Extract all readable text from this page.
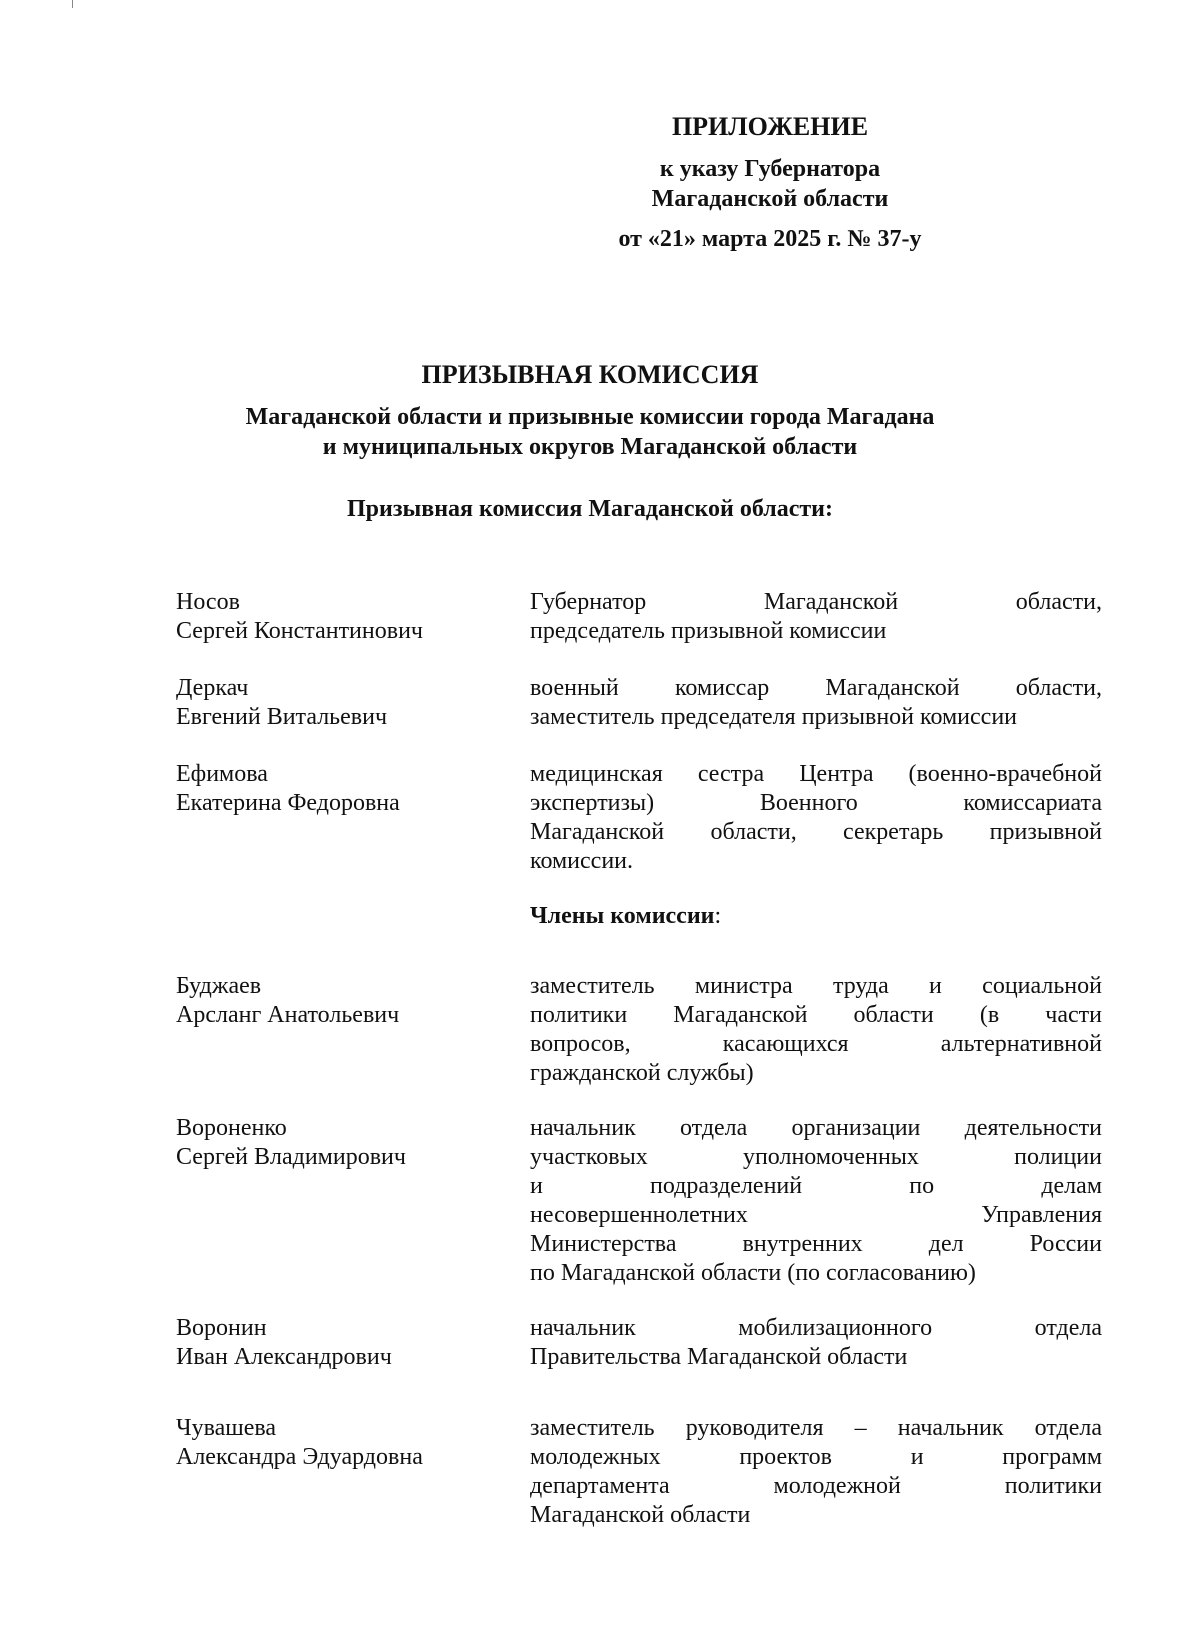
ПРИЛОЖЕНИЕ
к указу Губернатора
Магаданской области
от «21» марта 2025 г. № 37-у
ПРИЗЫВНАЯ КОМИССИЯ
Магаданской области и призывные комиссии города Магадана
и муниципальных округов Магаданской области
Призывная комиссия Магаданской области:
Носов
Сергей Константинович
Губернатор Магаданской области,
председатель призывной комиссии
Деркач
Евгений Витальевич
военный комиссар Магаданской области,
заместитель председателя призывной комиссии
Ефимова
Екатерина Федоровна
медицинская сестра Центра (военно-врачебной
экспертизы) Военного комиссариата
Магаданской области, секретарь призывной
комиссии.
Члены комиссии:
Буджаев
Арсланг Анатольевич
заместитель министра труда и социальной
политики Магаданской области (в части
вопросов, касающихся альтернативной
гражданской службы)
Вороненко
Сергей Владимирович
начальник отдела организации деятельности
участковых уполномоченных полиции
и подразделений по делам
несовершеннолетних Управления
Министерства внутренних дел России
по Магаданской области (по согласованию)
Воронин
Иван Александрович
начальник мобилизационного отдела
Правительства Магаданской области
Чувашева
Александра Эдуардовна
заместитель руководителя – начальник отдела
молодежных проектов и программ
департамента молодежной политики
Магаданской области
